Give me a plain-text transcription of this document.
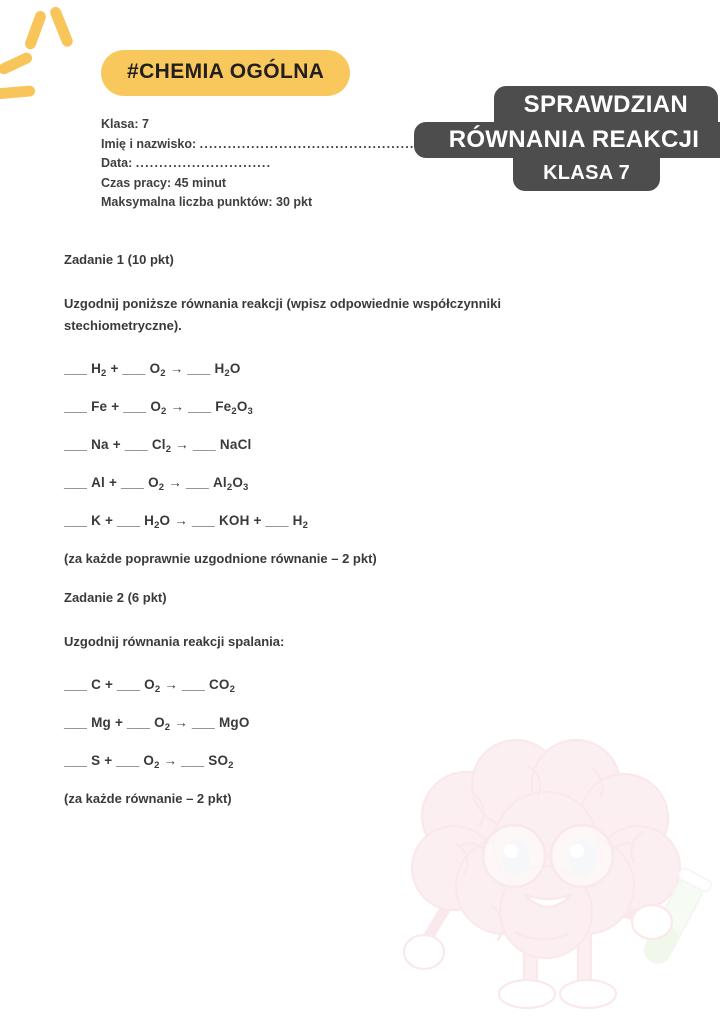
#CHEMIA OGÓLNA
Klasa: 7
Imię i nazwisko: .....
Data: .....
Czas pracy: 45 minut
Maksymalna liczba punktów: 30 pkt
SPRAWDZIAN
RÓWNANIA REAKCJI
KLASA 7
Zadanie 1 (10 pkt)
Uzgodnij poniższe równania reakcji (wpisz odpowiednie współczynniki stechiometryczne).
___ $H_2$ + ___ $O_2$ → ___ $H_2O$
___ Fe + ___ $O_2$ → ___ $Fe_2O_3$
___ Na + ___ $Cl_2$ → ___ NaCl
___ Al + ___ $O_2$ → ___ $Al_2O_3$
___ K + ___ $H_2O$ → ___ KOH + ___ $H_2$
(za każde poprawnie uzgodnione równanie – 2 pkt)
Zadanie 2 (6 pkt)
Uzgodnij równania reakcji spalania:
___ C + ___ $O_2$ → ___ $CO_2$
___ Mg + ___ $O_2$ → ___ MgO
___ S + ___ $O_2$ → ___ $SO_2$
(za każde równanie – 2 pkt)
